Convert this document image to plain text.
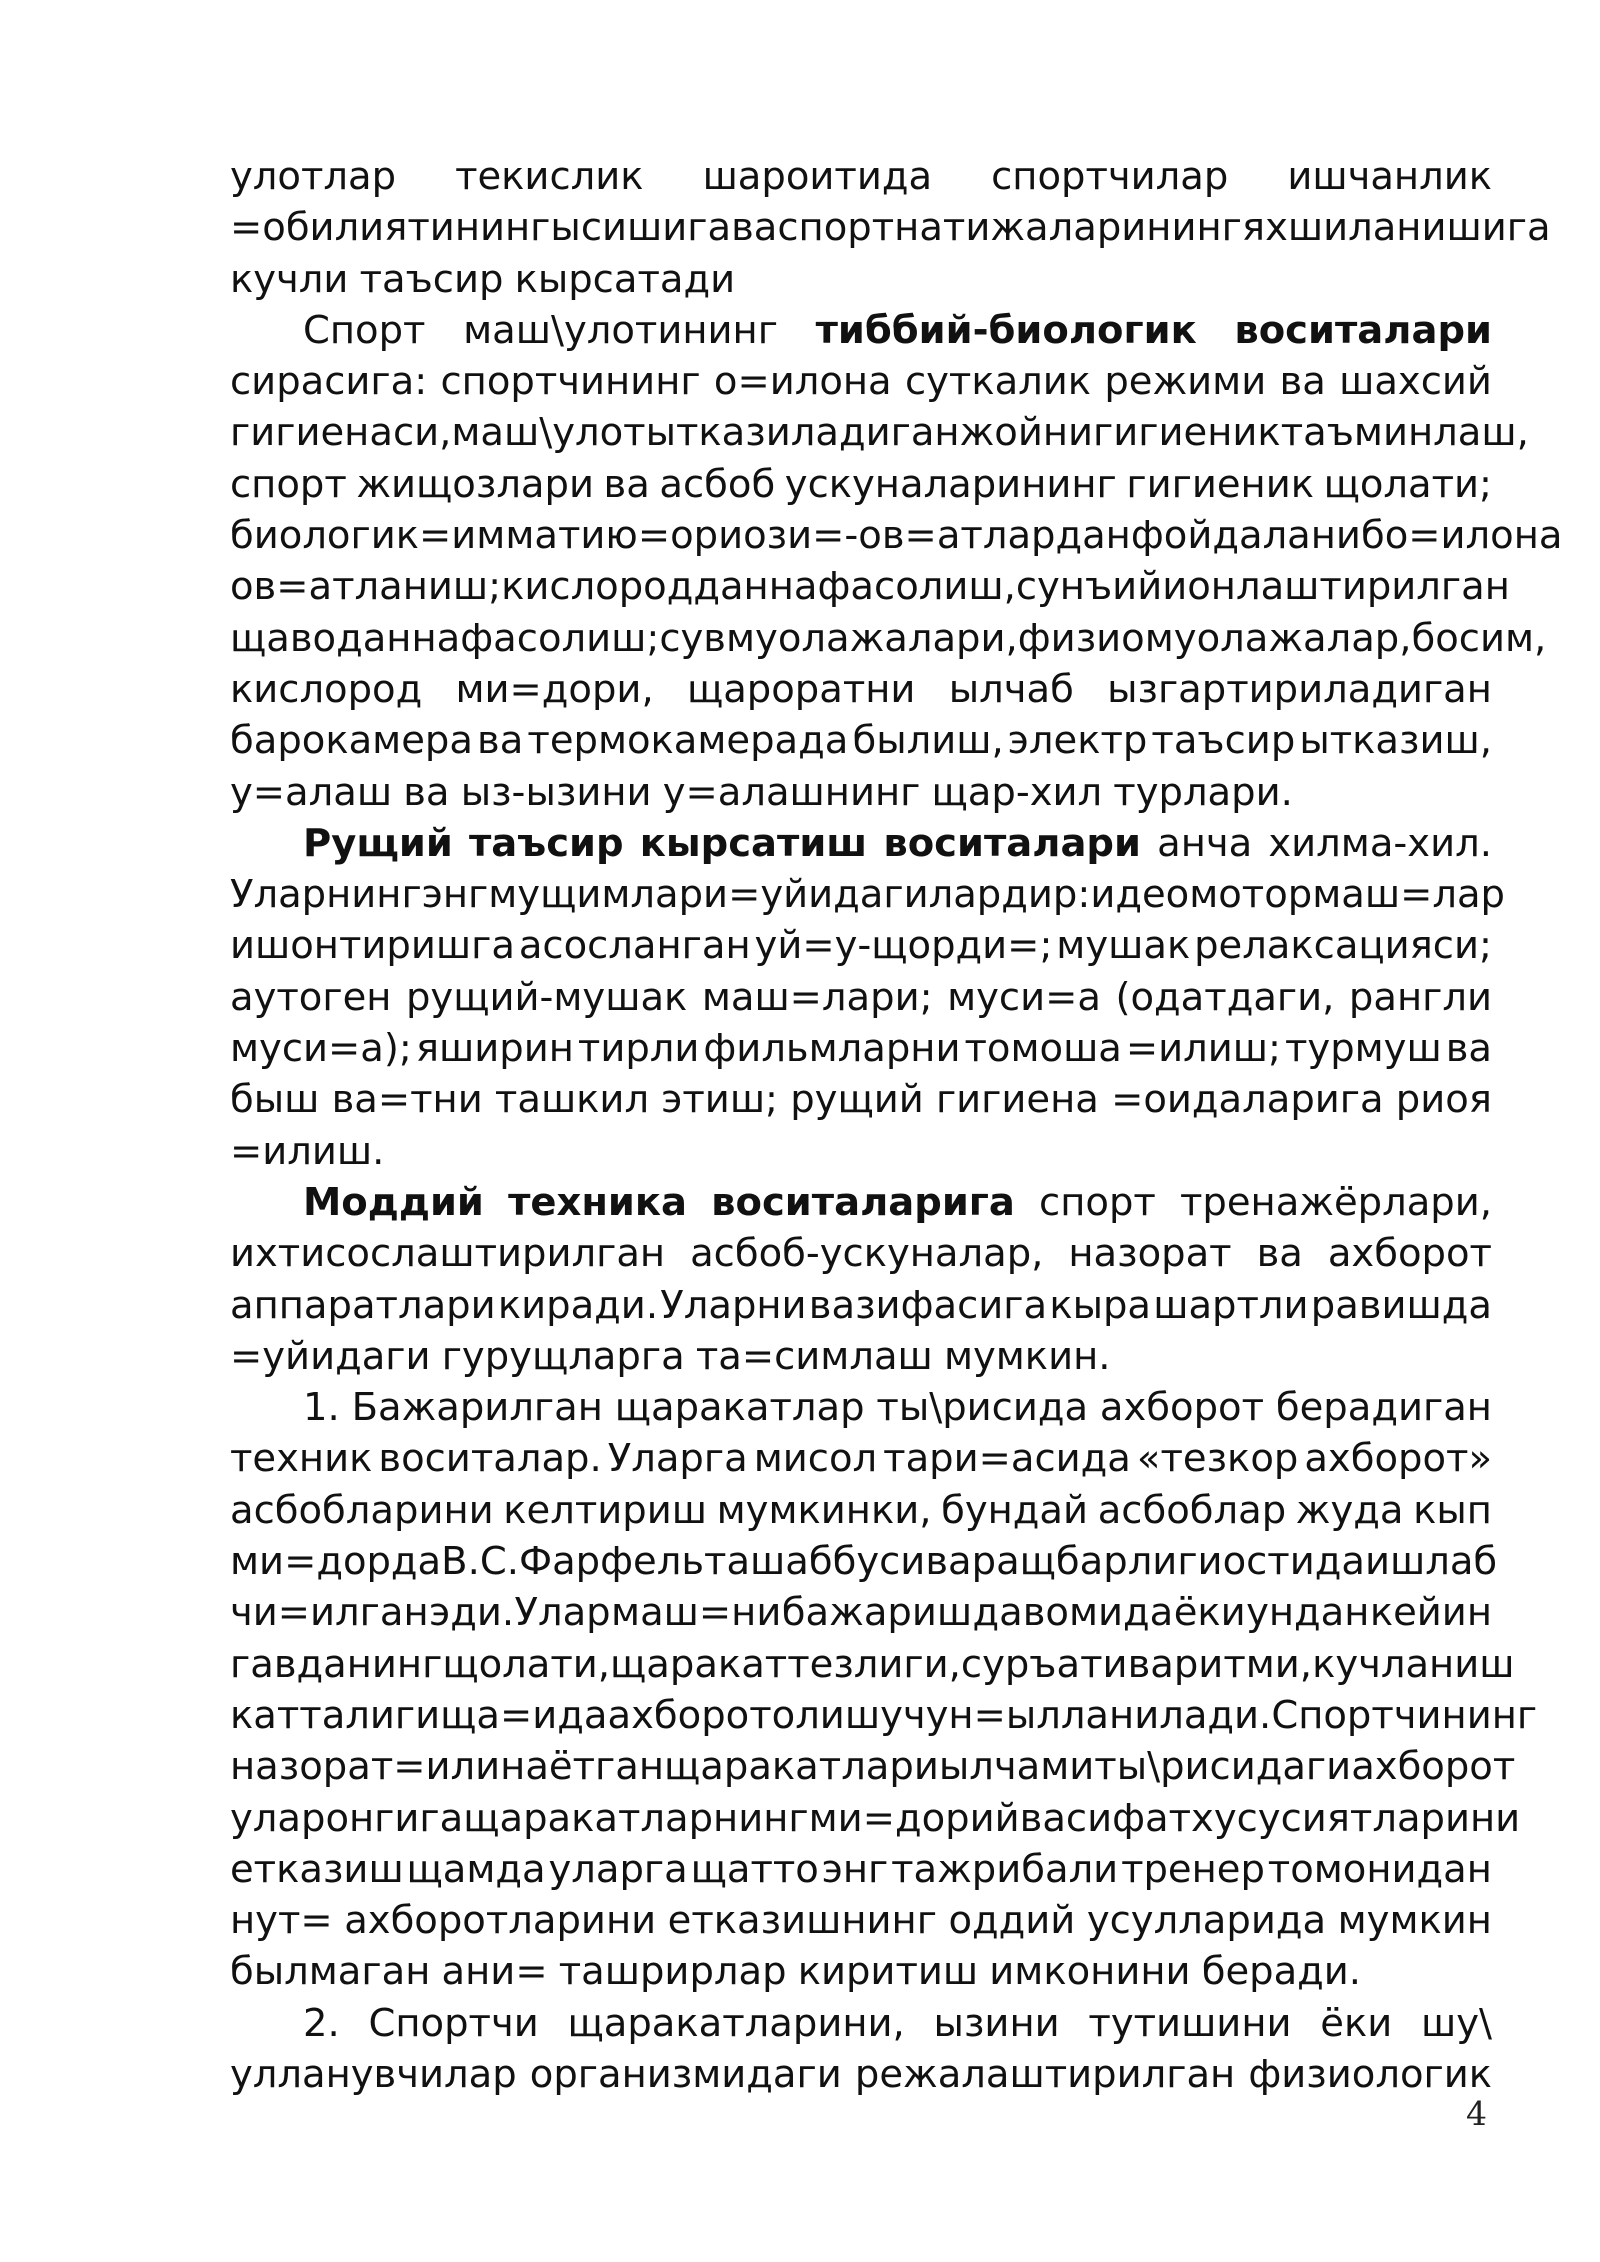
улотлар текислик шароитида спортчилар ишчанлик
=обилиятининг ысишига ва спорт натижаларининг яхшиланишига
кучли таъсир кырсатади
Спорт маш\улотининг тиббий-биологик воситалари
сирасига: спортчининг о=илона суткалик режими ва шахсий
гигиенаси, маш\улот ыткaзиладиган жойни гигиеник таъминлаш,
спорт жищозлари ва асбоб ускуналарининг гигиеник щолати;
биологик =иммати ю=ори ози=-ов=атлардан фойдаланиб о=илона
ов=атланиш; кислороддан нафас олиш, сунъий ионлаштирилган
щаводан нафас олиш; сув муолажалари, физиомуолажалар, босим,
кислород ми=дори, щароратни ылчаб ызгартириладиган
барокамера ва термокамерада былиш, электр таъсир ыткaзиш,
у=алаш ва ыз-ызини у=алашнинг щар-хил турлари.
Рущий таъсир кырсатиш воситалари анча хилма-хил.
Уларнинг энг мущимлари =уйидагилардир: идеомотор маш=лар
ишонтиришга асосланган уй=у-щорди=; мушак релаксацияси;
аутоген рущий-мушак маш=лари; муси=а (одатдаги, рангли
муси=а); яширин тирли фильмларни томоша =илиш; турмуш ва
быш ва=тни ташкил этиш; рущий гигиена =оидаларига риоя
=илиш.
Моддий техника воситаларига спорт тренажёрлари,
ихтисослаштирилган асбоб-ускуналар, назорат ва ахборот
аппаратлари киради. Уларни вазифасига кыра шартли равишда
=уйидаги гурущларга та=симлаш мумкин.
1. Бажарилган щаракатлар ты\рисида ахборот берадиган
техник воситалар. Уларга мисол тари=асида «тезкор ахборот»
асбобларини келтириш мумкинки, бундай асбоблар жуда кып
ми=дорда В. С. Фарфель ташаббуси ва ращбарлиги остида ишлаб
чи=илган эди. Улар маш=ни бажариш давомида ёки ундан кейин
гавданинг щолати, щаракат тезлиги, суръати ва ритми, кучланиш
катталиги ща=ида ахборот олиш учун =ылланилади. Спортчининг
назорат =илинаётган щаракатлари ылчами ты\рисидаги ахборот
улар онгига щаракатларнинг ми=дорий ва сифат хусусиятларини
етказиш щамда уларга щатто энг тажрибали тренер томонидан
нут= ахборотларини етказишнинг оддий усулларида мумкин
былмаган ани= ташрирлар киритиш имконини беради.
2. Спортчи щаракатларини, ызини тутишини ёки шу\
улланувчилар организмидаги режалаштирилган физиологик
4
